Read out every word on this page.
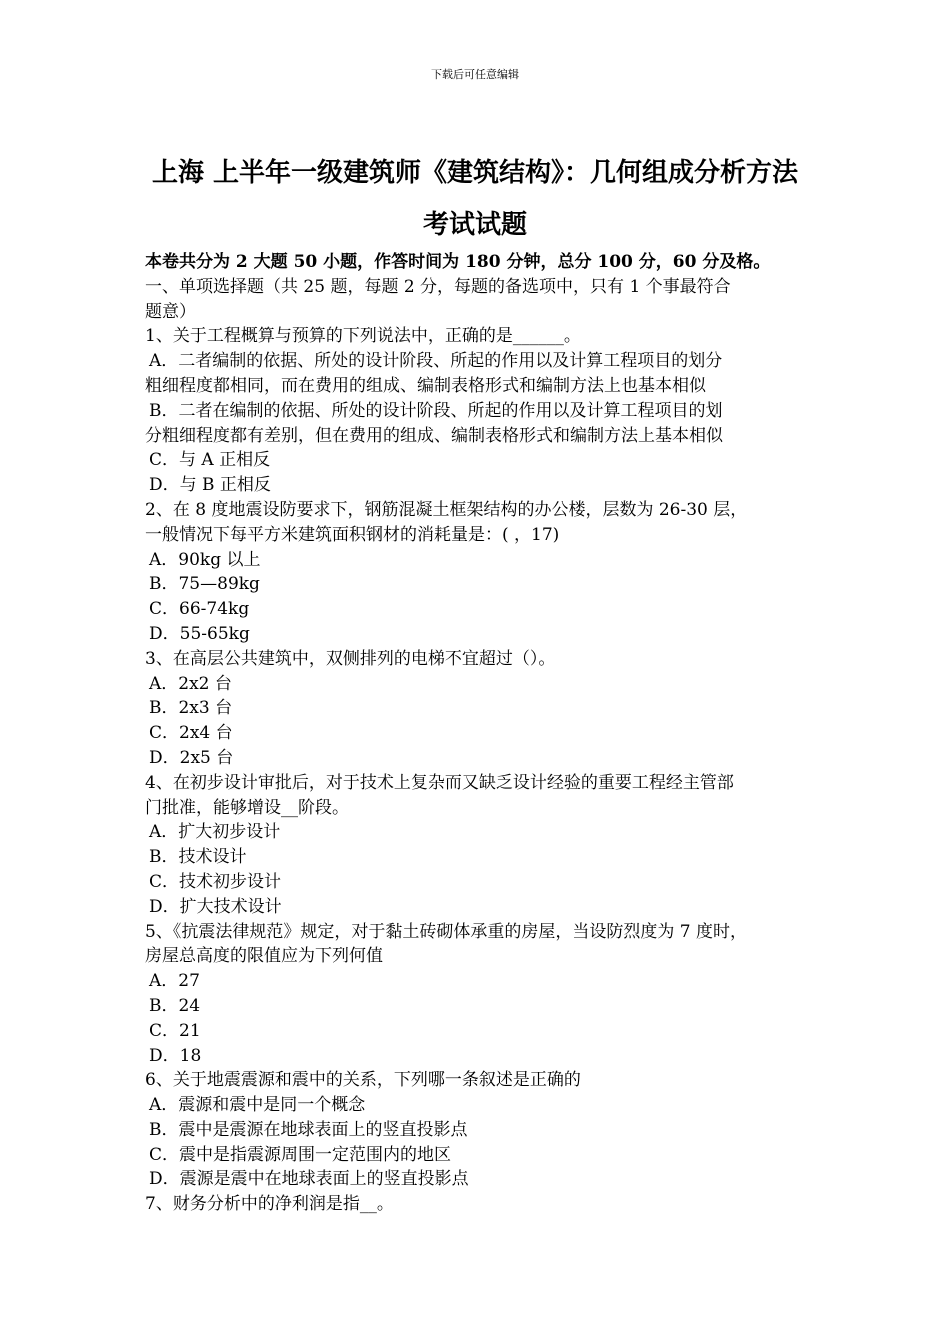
下载后可任意编辑
上海 上半年一级建筑师《建筑结构》：几何组成分析方法
考试试题
本卷共分为 2 大题 50 小题，作答时间为 180 分钟，总分 100 分，60 分及格。
一、单项选择题（共 25 题，每题 2 分，每题的备选项中，只有 1 个事最符合
题意）
1、关于工程概算与预算的下列说法中，正确的是______。
A．二者编制的依据、所处的设计阶段、所起的作用以及计算工程项目的划分
粗细程度都相同，而在费用的组成、编制表格形式和编制方法上也基本相似
B．二者在编制的依据、所处的设计阶段、所起的作用以及计算工程项目的划
分粗细程度都有差别，但在费用的组成、编制表格形式和编制方法上基本相似
C．与 A 正相反
D．与 B 正相反
2、在 8 度地震设防要求下，钢筋混凝土框架结构的办公楼，层数为 26-30 层，
一般情况下每平方米建筑面积钢材的消耗量是：( ，17)
A．90kg 以上
B．75—89kg
C．66-74kg
D．55-65kg
3、在高层公共建筑中，双侧排列的电梯不宜超过（）。
A．2x2 台
B．2x3 台
C．2x4 台
D．2x5 台
4、在初步设计审批后，对于技术上复杂而又缺乏设计经验的重要工程经主管部
门批准，能够增设__阶段。
A．扩大初步设计
B．技术设计
C．技术初步设计
D．扩大技术设计
5、《抗震法律规范》规定，对于黏土砖砌体承重的房屋，当设防烈度为 7 度时，
房屋总高度的限值应为下列何值
A．27
B．24
C．21
D．18
6、关于地震震源和震中的关系，下列哪一条叙述是正确的
A．震源和震中是同一个概念
B．震中是震源在地球表面上的竖直投影点
C．震中是指震源周围一定范围内的地区
D．震源是震中在地球表面上的竖直投影点
7、财务分析中的净利润是指__。
